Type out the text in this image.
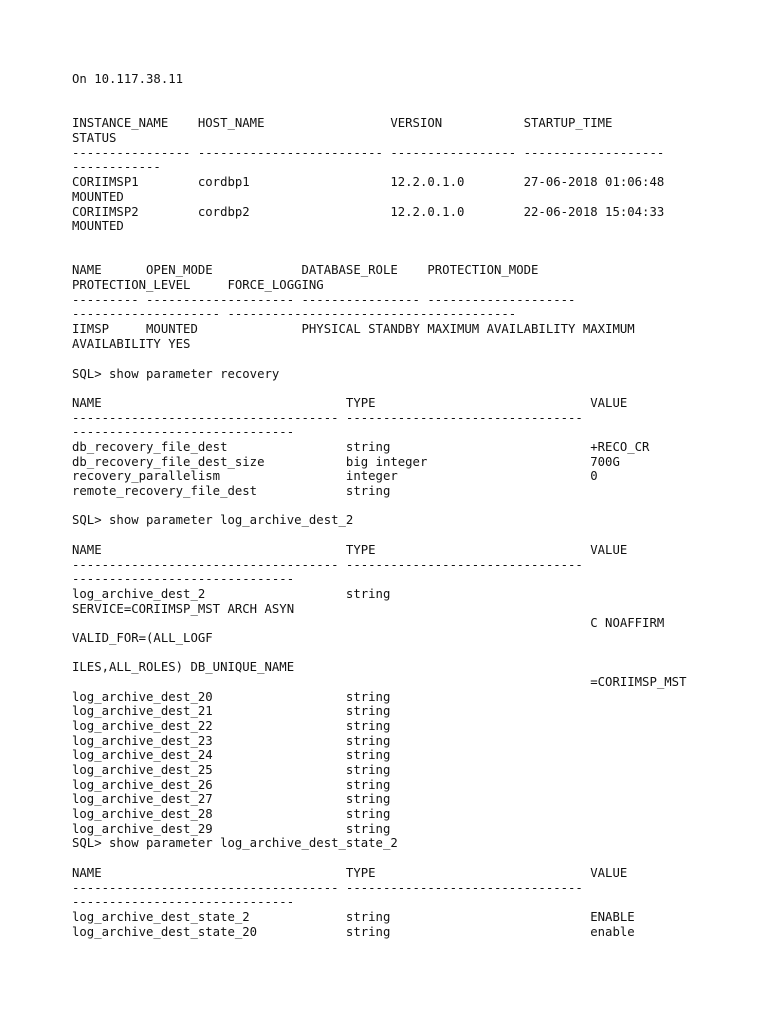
On 10.117.38.11
INSTANCE_NAME    HOST_NAME                 VERSION           STARTUP_TIME
STATUS
---------------- ------------------------- ----------------- -------------------
------------
CORIIMSP1        cordbp1                   12.2.0.1.0        27-06-2018 01:06:48
MOUNTED
CORIIMSP2        cordbp2                   12.2.0.1.0        22-06-2018 15:04:33
MOUNTED
NAME      OPEN_MODE            DATABASE_ROLE    PROTECTION_MODE
PROTECTION_LEVEL     FORCE_LOGGING
--------- -------------------- ---------------- --------------------
-------------------- ---------------------------------------
IIMSP     MOUNTED              PHYSICAL STANDBY MAXIMUM AVAILABILITY MAXIMUM
AVAILABILITY YES
SQL> show parameter recovery
NAME                                 TYPE                             VALUE
------------------------------------ --------------------------------
------------------------------
db_recovery_file_dest                string                           +RECO_CR
db_recovery_file_dest_size           big integer                      700G
recovery_parallelism                 integer                          0
remote_recovery_file_dest            string
SQL> show parameter log_archive_dest_2
NAME                                 TYPE                             VALUE
------------------------------------ --------------------------------
------------------------------
log_archive_dest_2                   string
SERVICE=CORIIMSP_MST ARCH ASYN
C NOAFFIRM
VALID_FOR=(ALL_LOGF
ILES,ALL_ROLES) DB_UNIQUE_NAME
=CORIIMSP_MST
log_archive_dest_20                  string
log_archive_dest_21                  string
log_archive_dest_22                  string
log_archive_dest_23                  string
log_archive_dest_24                  string
log_archive_dest_25                  string
log_archive_dest_26                  string
log_archive_dest_27                  string
log_archive_dest_28                  string
log_archive_dest_29                  string
SQL> show parameter log_archive_dest_state_2
NAME                                 TYPE                             VALUE
------------------------------------ --------------------------------
------------------------------
log_archive_dest_state_2             string                           ENABLE
log_archive_dest_state_20            string                           enable
